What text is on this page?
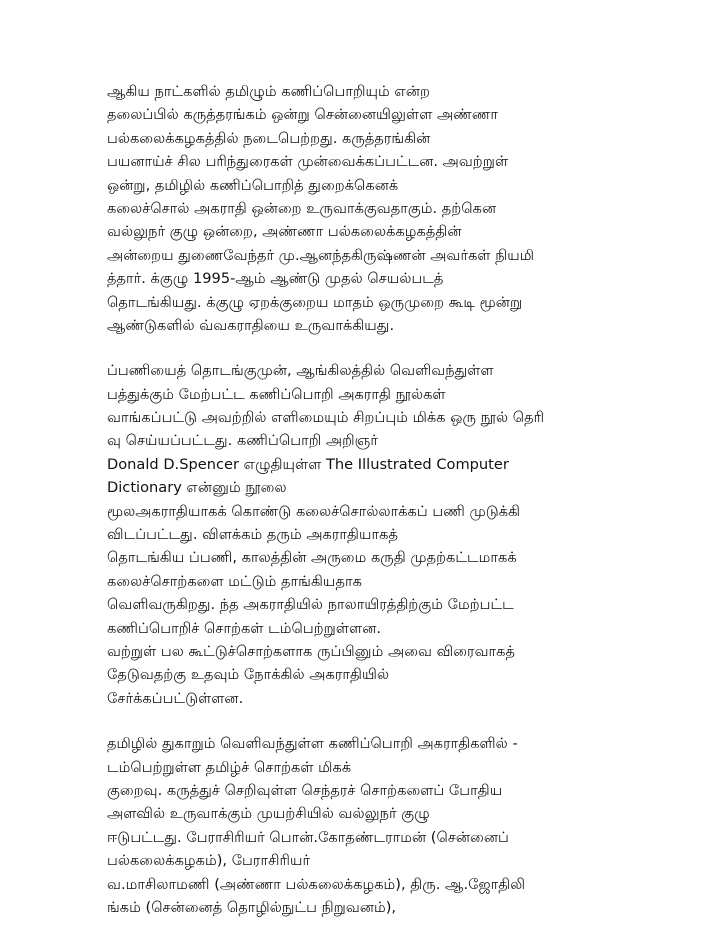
ஆகிய நாட்களில் தமிழும் கணிப்பொறியும் என்ற
தலைப்பில் கருத்தரங்கம் ஒன்று சென்னையிலுள்ள அண்ணா
பல்கலைக்கழகத்தில் நடைபெற்றது. கருத்தரங்கின்
பயனாய்ச் சில பரிந்துரைகள் முன்வைக்கப்பட்டன. அவற்றுள்
ஒன்று, தமிழில் கணிப்பொறித் துறைக்கெனக்
கலைச்சொல் அகராதி ஒன்றை உருவாக்குவதாகும். தற்கென
வல்லுநர் குழு ஒன்றை, அண்ணா பல்கலைக்கழகத்தின்
அன்றைய துணைவேந்தர் மு.ஆனந்தகிருஷ்ணன் அவர்கள் நியமி
த்தார். க்குழு 1995-ஆம் ஆண்டு முதல் செயல்படத்
தொடங்கியது. க்குழு ஏறக்குறைய மாதம் ஒருமுறை கூடி மூன்று
ஆண்டுகளில் வ்வகராதியை உருவாக்கியது.
ப்பணியைத் தொடங்குமுன், ஆங்கிலத்தில் வெளிவந்துள்ள
பத்துக்கும் மேற்பட்ட கணிப்பொறி அகராதி நூல்கள்
வாங்கப்பட்டு அவற்றில் எளிமையும் சிறப்பும் மிக்க ஒரு நூல் தெரி
வு செய்யப்பட்டது. கணிப்பொறி அறிஞர்
Donald D.Spencer எழுதியுள்ள The Illustrated Computer
Dictionary என்னும் நூலை
மூலஅகராதியாகக் கொண்டு கலைச்சொல்லாக்கப் பணி முடுக்கி
விடப்பட்டது. விளக்கம் தரும் அகராதியாகத்
தொடங்கிய ப்பணி, காலத்தின் அருமை கருதி முதற்கட்டமாகக்
கலைச்சொற்களை மட்டும் தாங்கியதாக
வெளிவருகிறது. ந்த அகராதியில் நாலாயிரத்திற்கும் மேற்பட்ட
கணிப்பொறிச் சொற்கள் டம்பெற்றுள்ளன.
வற்றுள் பல கூட்டுச்சொற்களாக ருப்பினும் அவை விரைவாகத்
தேடுவதற்கு உதவும் நோக்கில் அகராதியில்
சேர்க்கப்பட்டுள்ளன.
தமிழில் துகாறும் வெளிவந்துள்ள கணிப்பொறி அகராதிகளில் -
டம்பெற்றுள்ள தமிழ்ச் சொற்கள் மிகக்
குறைவு. கருத்துச் செறிவுள்ள செந்தரச் சொற்களைப் போதிய
அளவில் உருவாக்கும் முயற்சியில் வல்லுநர் குழு
ஈடுபட்டது. பேராசிரியர் பொன்.கோதண்டராமன் (சென்னைப்
பல்கலைக்கழகம்), பேராசிரியர்
வ.மாசிலாமணி (அண்ணா பல்கலைக்கழகம்), திரு. ஆ.ஜோதிலி
ங்கம் (சென்னைத் தொழில்நுட்ப நிறுவனம்),
